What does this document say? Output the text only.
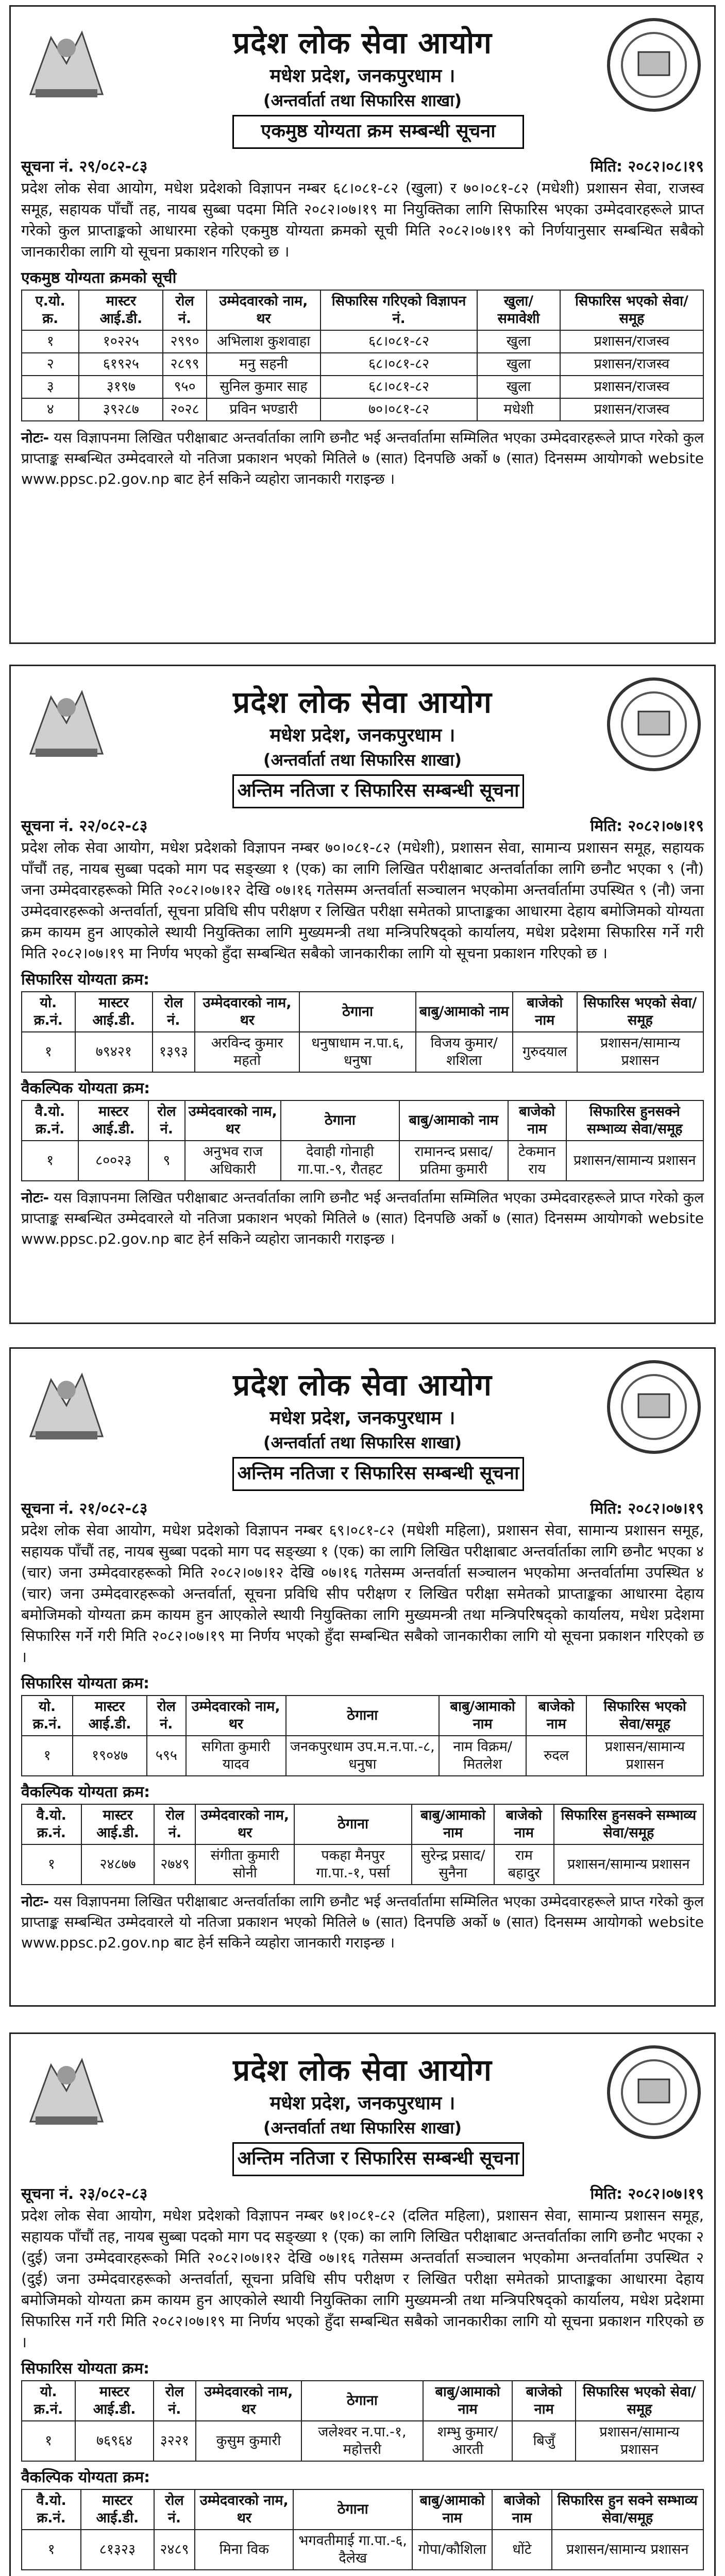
प्रदेश लोक सेवा आयोग
मधेश प्रदेश, जनकपुरधाम ।
(अन्तर्वार्ता तथा सिफारिस शाखा)
एकमुष्ठ योग्यता क्रम सम्बन्धी सूचना
सूचना नं. २९/०८२-८३	मिति: २०८२।०८।१९
प्रदेश लोक सेवा आयोग, मधेश प्रदेशको विज्ञापन नम्बर ६८।०८१-८२ (खुला) र ७०।०८१-८२ (मधेशी) प्रशासन सेवा, राजस्व समूह, सहायक पाँचौं तह, नायब सुब्बा पदमा मिति २०८२।०७।१९ मा नियुक्तिका लागि सिफारिस भएका उम्मेदवारहरूले प्राप्त गरेको कुल प्राप्ताङ्कको आधारमा रहेको एकमुष्ठ योग्यता क्रमको सूची मिति २०८२।०७।१९ को निर्णयानुसार सम्बन्धित सबैको जानकारीका लागि यो सूचना प्रकाशन गरिएको छ ।
एकमुष्ठ योग्यता क्रमको सूची
ए.यो. क्र.	मास्टर आई.डी.	रोल नं.	उम्मेदवारको नाम, थर	सिफारिस गरिएको विज्ञापन नं.	खुला/ समावेशी	सिफारिस भएको सेवा/समूह
१	१०२२५	२९९०	अभिलाश कुशवाहा	६८।०८१-८२	खुला	प्रशासन/राजस्व
२	६१९२५	२८९९	मनु सहनी	६८।०८१-८२	खुला	प्रशासन/राजस्व
३	३१९७	९५०	सुनिल कुमार साह	६८।०८१-८२	खुला	प्रशासन/राजस्व
४	३९२८७	२०२८	प्रविन भण्डारी	७०।०८१-८२	मधेशी	प्रशासन/राजस्व
नोटः- यस विज्ञापनमा लिखित परीक्षाबाट अन्तर्वार्ताका लागि छनौट भई अन्तर्वार्तामा सम्मिलित भएका उम्मेदवारहरूले प्राप्त गरेको कुल प्राप्ताङ्क सम्बन्धित उम्मेदवारले यो नतिजा प्रकाशन भएको मितिले ७ (सात) दिनपछि अर्को ७ (सात) दिनसम्म आयोगको website www.ppsc.p2.gov.np बाट हेर्न सकिने व्यहोरा जानकारी गराइन्छ ।
प्रदेश लोक सेवा आयोग
मधेश प्रदेश, जनकपुरधाम ।
(अन्तर्वार्ता तथा सिफारिस शाखा)
अन्तिम नतिजा र सिफारिस सम्बन्धी सूचना
सूचना नं. २२/०८२-८३	मिति: २०८२।०७।१९
प्रदेश लोक सेवा आयोग, मधेश प्रदेशको विज्ञापन नम्बर ७०।०८१-८२ (मधेशी), प्रशासन सेवा, सामान्य प्रशासन समूह, सहायक पाँचौं तह, नायब सुब्बा पदको माग पद सङ्ख्या १ (एक) का लागि लिखित परीक्षाबाट अन्तर्वार्ताका लागि छनौट भएका ९ (नौ) जना उम्मेदवारहरूको मिति २०८२।०७।१२ देखि ०७।१६ गतेसम्म अन्तर्वार्ता सञ्चालन भएकोमा अन्तर्वार्तामा उपस्थित ९ (नौ) जना उम्मेदवारहरूको अन्तर्वार्ता, सूचना प्रविधि सीप परीक्षण र लिखित परीक्षा समेतको प्राप्ताङ्कका आधारमा देहाय बमोजिमको योग्यता क्रम कायम हुन आएकोले स्थायी नियुक्तिका लागि मुख्यमन्त्री तथा मन्त्रिपरिषद्‌को कार्यालय, मधेश प्रदेशमा सिफारिस गर्ने गरी मिति २०८२।०७।१९ मा निर्णय भएको हुँदा सम्बन्धित सबैको जानकारीका लागि यो सूचना प्रकाशन गरिएको छ ।
सिफारिस योग्यता क्रम:
यो. क्र.नं.	मास्टर आई.डी.	रोल नं.	उम्मेदवारको नाम, थर	ठेगाना	बाबु/आमाको नाम	बाजेको नाम	सिफारिस भएको सेवा/समूह
१	७९४२१	१३९३	अरविन्द कुमार महतो	धनुषाधाम न.पा.६, धनुषा	विजय कुमार/शशिला	गुरुदयाल	प्रशासन/सामान्य प्रशासन
वैकल्पिक योग्यता क्रम:
वै.यो. क्र.नं.	मास्टर आई.डी.	रोल नं.	उम्मेदवारको नाम, थर	ठेगाना	बाबु/आमाको नाम	बाजेको नाम	सिफारिस हुनसक्ने सम्भाव्य सेवा/समूह
१	८००२३	९	अनुभव राज अधिकारी	देवाही गोनाही गा.पा.-९, रौतहट	रामानन्द प्रसाद/प्रतिमा कुमारी	टेकमान राय	प्रशासन/सामान्य प्रशासन
नोटः- यस विज्ञापनमा लिखित परीक्षाबाट अन्तर्वार्ताका लागि छनौट भई अन्तर्वार्तामा सम्मिलित भएका उम्मेदवारहरूले प्राप्त गरेको कुल प्राप्ताङ्क सम्बन्धित उम्मेदवारले यो नतिजा प्रकाशन भएको मितिले ७ (सात) दिनपछि अर्को ७ (सात) दिनसम्म आयोगको website www.ppsc.p2.gov.np बाट हेर्न सकिने व्यहोरा जानकारी गराइन्छ ।
प्रदेश लोक सेवा आयोग
मधेश प्रदेश, जनकपुरधाम ।
(अन्तर्वार्ता तथा सिफारिस शाखा)
अन्तिम नतिजा र सिफारिस सम्बन्धी सूचना
सूचना नं. २१/०८२-८३	मिति: २०८२।०७।१९
प्रदेश लोक सेवा आयोग, मधेश प्रदेशको विज्ञापन नम्बर ६९।०८१-८२ (मधेशी महिला), प्रशासन सेवा, सामान्य प्रशासन समूह, सहायक पाँचौं तह, नायब सुब्बा पदको माग पद सङ्ख्या १ (एक) का लागि लिखित परीक्षाबाट अन्तर्वार्ताका लागि छनौट भएका ४ (चार) जना उम्मेदवारहरूको मिति २०८२।०७।१२ देखि ०७।१६ गतेसम्म अन्तर्वार्ता सञ्चालन भएकोमा अन्तर्वार्तामा उपस्थित ४ (चार) जना उम्मेदवारहरूको अन्तर्वार्ता, सूचना प्रविधि सीप परीक्षण र लिखित परीक्षा समेतको प्राप्ताङ्कका आधारमा देहाय बमोजिमको योग्यता क्रम कायम हुन आएकोले स्थायी नियुक्तिका लागि मुख्यमन्त्री तथा मन्त्रिपरिषद्‌को कार्यालय, मधेश प्रदेशमा सिफारिस गर्ने गरी मिति २०८२।०७।१९ मा निर्णय भएको हुँदा सम्बन्धित सबैको जानकारीका लागि यो सूचना प्रकाशन गरिएको छ ।
सिफारिस योग्यता क्रम:
यो. क्र.नं.	मास्टर आई.डी.	रोल नं.	उम्मेदवारको नाम, थर	ठेगाना	बाबु/आमाको नाम	बाजेको नाम	सिफारिस भएको सेवा/समूह
१	१९०४७	५९५	सगिता कुमारी यादव	जनकपुरधाम उप.म.न.पा.-८, धनुषा	नाम विक्रम/मितलेश	रुदल	प्रशासन/सामान्य प्रशासन
वैकल्पिक योग्यता क्रम:
वै.यो. क्र.नं.	मास्टर आई.डी.	रोल नं.	उम्मेदवारको नाम, थर	ठेगाना	बाबु/आमाको नाम	बाजेको नाम	सिफारिस हुनसक्ने सम्भाव्य सेवा/समूह
१	२४८७७	२७४९	संगीता कुमारी सोनी	पकहा मैनपुर गा.पा.-१, पर्सा	सुरेन्द्र प्रसाद/सुनैना	राम बहादुर	प्रशासन/सामान्य प्रशासन
नोटः- यस विज्ञापनमा लिखित परीक्षाबाट अन्तर्वार्ताका लागि छनौट भई अन्तर्वार्तामा सम्मिलित भएका उम्मेदवारहरूले प्राप्त गरेको कुल प्राप्ताङ्क सम्बन्धित उम्मेदवारले यो नतिजा प्रकाशन भएको मितिले ७ (सात) दिनपछि अर्को ७ (सात) दिनसम्म आयोगको website www.ppsc.p2.gov.np बाट हेर्न सकिने व्यहोरा जानकारी गराइन्छ ।
प्रदेश लोक सेवा आयोग
मधेश प्रदेश, जनकपुरधाम ।
(अन्तर्वार्ता तथा सिफारिस शाखा)
अन्तिम नतिजा र सिफारिस सम्बन्धी सूचना
सूचना नं. २३/०८२-८३	मिति: २०८२।०७।१९
प्रदेश लोक सेवा आयोग, मधेश प्रदेशको विज्ञापन नम्बर ७१।०८१-८२ (दलित महिला), प्रशासन सेवा, सामान्य प्रशासन समूह, सहायक पाँचौं तह, नायब सुब्बा पदको माग पद सङ्ख्या १ (एक) का लागि लिखित परीक्षाबाट अन्तर्वार्ताका लागि छनौट भएका २ (दुई) जना उम्मेदवारहरूको मिति २०८२।०७।१२ देखि ०७।१६ गतेसम्म अन्तर्वार्ता सञ्चालन भएकोमा अन्तर्वार्तामा उपस्थित २ (दुई) जना उम्मेदवारहरूको अन्तर्वार्ता, सूचना प्रविधि सीप परीक्षण र लिखित परीक्षा समेतको प्राप्ताङ्कका आधारमा देहाय बमोजिमको योग्यता क्रम कायम हुन आएकोले स्थायी नियुक्तिका लागि मुख्यमन्त्री तथा मन्त्रिपरिषद्‌को कार्यालय, मधेश प्रदेशमा सिफारिस गर्ने गरी मिति २०८२।०७।१९ मा निर्णय भएको हुँदा सम्बन्धित सबैको जानकारीका लागि यो सूचना प्रकाशन गरिएको छ ।
सिफारिस योग्यता क्रम:
यो. क्र.नं.	मास्टर आई.डी.	रोल नं.	उम्मेदवारको नाम, थर	ठेगाना	बाबु/आमाको नाम	बाजेको नाम	सिफारिस भएको सेवा/समूह
१	७६९६४	३२२१	कुसुम कुमारी	जलेश्वर न.पा.-१, महोत्तरी	शम्भु कुमार/आरती	बिजुँ	प्रशासन/सामान्य प्रशासन
वैकल्पिक योग्यता क्रम:
वै.यो. क्र.नं.	मास्टर आई.डी.	रोल नं.	उम्मेदवारको नाम, थर	ठेगाना	बाबु/आमाको नाम	बाजेको नाम	सिफारिस हुन सक्ने सम्भाव्य सेवा/समूह
१	८१३२३	२४८९	मिना विक	भगवतीमाई गा.पा.-६, दैलेख	गोपा/कौशिला	धोंटे	प्रशासन/सामान्य प्रशासन
